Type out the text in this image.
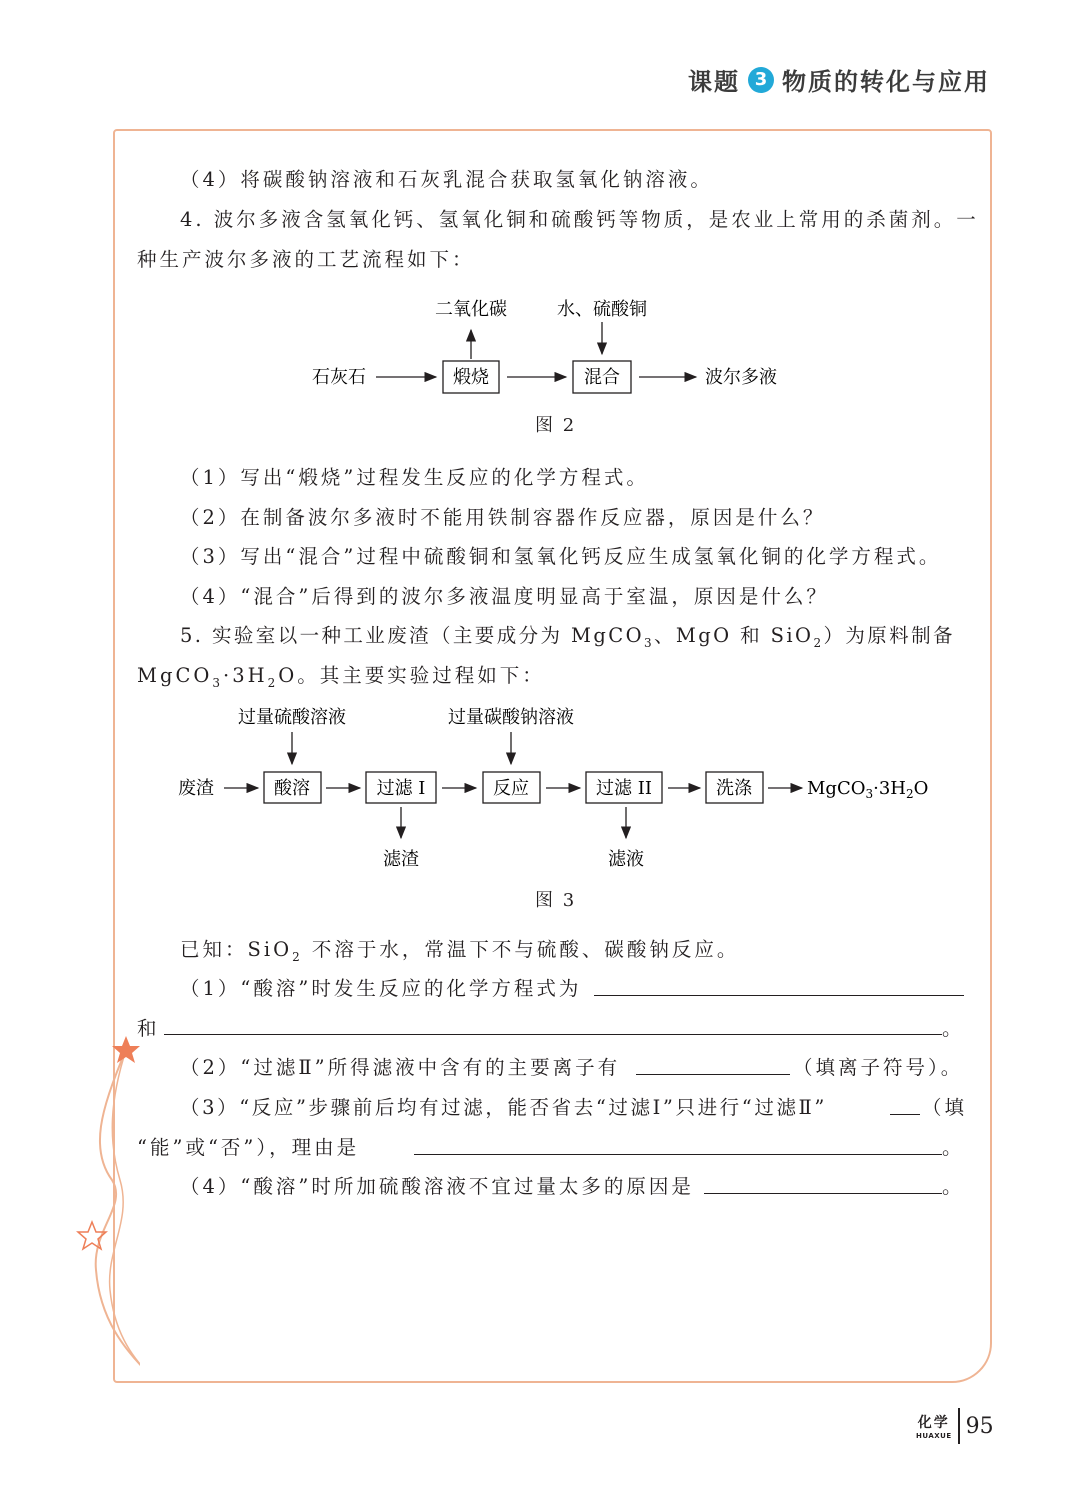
课题 3 物质的转化与应用
（4）将碳酸钠溶液和石灰乳混合获取氢氧化钠溶液。
4. 波尔多液含氢氧化钙、氢氧化铜和硫酸钙等物质，是农业上常用的杀菌剂。一
种生产波尔多液的工艺流程如下：
石灰石	煅烧
二氧化碳
混合
水、硫酸铜
波尔多液
图 2
（1）写出“煅烧”过程发生反应的化学方程式。
（2）在制备波尔多液时不能用铁制容器作反应器，原因是什么？
（3）写出“混合”过程中硫酸铜和氢氧化钙反应生成氢氧化铜的化学方程式。
（4）“混合”后得到的波尔多液温度明显高于室温，原因是什么？
5. 实验室以一种工业废渣（主要成分为 MgCO$_3$、MgO 和 SiO$_2$）为原料制备
$MgCO_3\cdot 3H_2O$。其主要实验过程如下：
过量硫酸溶液	过量碳酸钠溶液
废渣	酸溶	过滤 I
滤渣
反应	过滤 II
滤液
洗涤	$MgCO_3\cdot 3H_2O$
图 3
已知：SiO$_2$ 不溶于水，常温下不与硫酸、碳酸钠反应。
（1）“酸溶”时发生反应的化学方程式为
和	。
（2）“过滤Ⅱ”所得滤液中含有的主要离子有	（填离子符号）。
（3）“反应”步骤前后均有过滤，能否省去“过滤Ⅰ”只进行“过滤Ⅱ”	（填
“能”或“否”），理由是	。
（4）“酸溶”时所加硫酸溶液不宜过量太多的原因是	。
化学
HUAXUE 95
